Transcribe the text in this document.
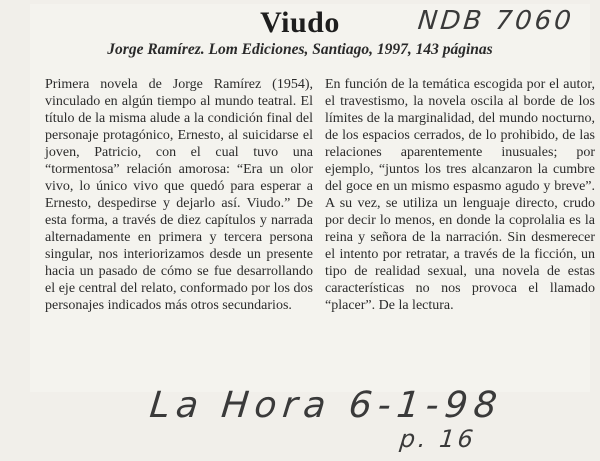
NDB 7060
Viudo
Jorge Ramírez. Lom Ediciones, Santiago, 1997, 143 páginas

Primera novela de Jorge Ramírez (1954), vinculado en algún tiempo al mundo teatral. El título de la misma alude a la condición final del personaje protagónico, Ernesto, al suicidarse el joven, Patricio, con el cual tuvo una “tormentosa” relación amorosa: “Era un olor vivo, lo único vivo que quedó para esperar a Ernesto, despedirse y dejarlo así. Viudo.” De esta forma, a través de diez capítulos y narrada alternadamente en primera y tercera persona singular, nos interiorizamos desde un presente hacia un pasado de cómo se fue desarrollando el eje central del relato, conformado por los dos personajes indicados más otros secundarios.

En función de la temática escogida por el autor, el travestismo, la novela oscila al borde de los límites de la marginalidad, del mundo nocturno, de los espacios cerrados, de lo prohibido, de las relaciones aparentemente inusuales; por ejemplo, “juntos los tres alcanzaron la cumbre del goce en un mismo espasmo agudo y breve”. A su vez, se utiliza un lenguaje directo, crudo por decir lo menos, en donde la coprolalia es la reina y señora de la narración. Sin desmerecer el intento por retratar, a través de la ficción, un tipo de realidad sexual, una novela de estas características no nos provoca el llamado “placer”. De la lectura.

La Hora 6-1-98
p. 16
